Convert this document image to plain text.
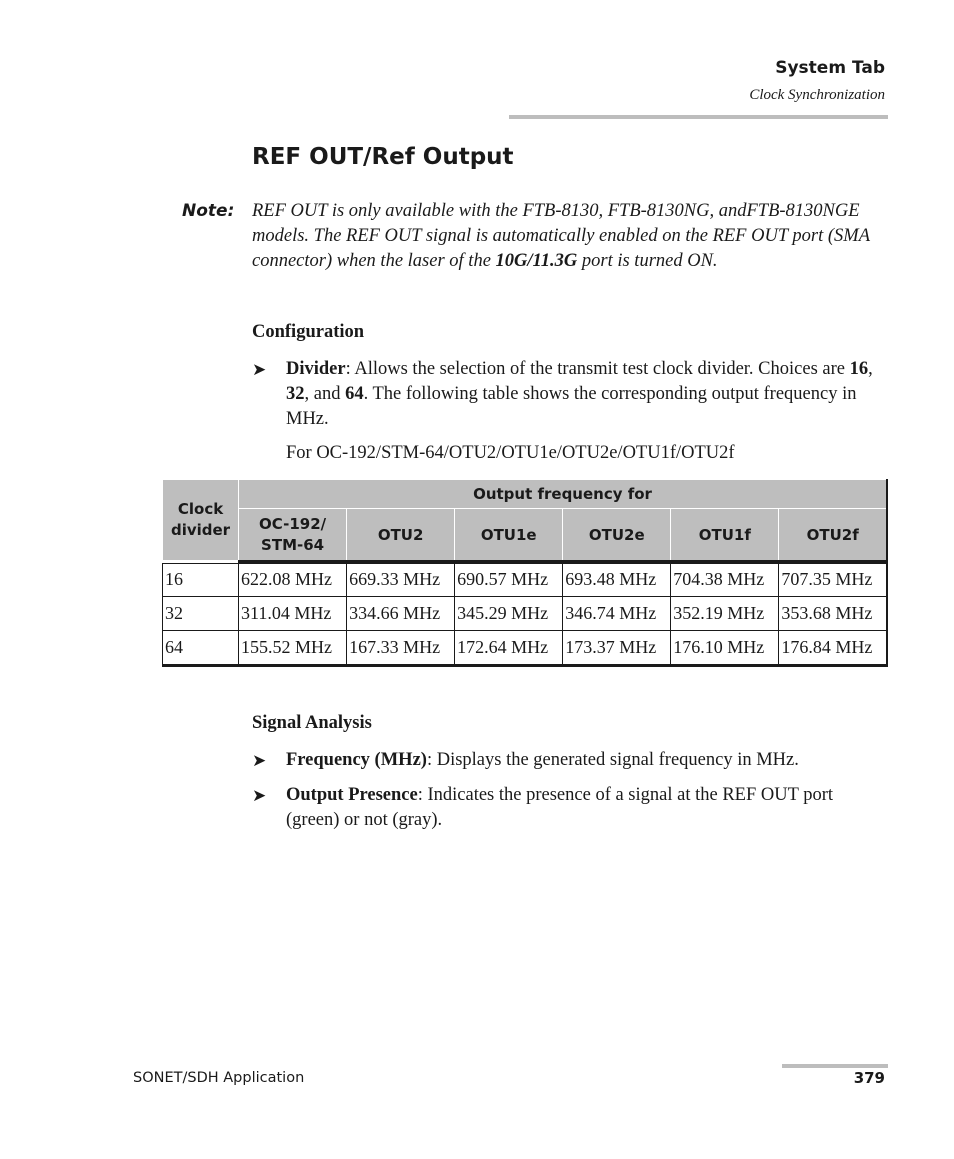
System Tab
Clock Synchronization
REF OUT/Ref Output
Note: REF OUT is only available with the FTB-8130, FTB-8130NG, andFTB-8130NGE models. The REF OUT signal is automatically enabled on the REF OUT port (SMA connector) when the laser of the 10G/11.3G port is turned ON.
Configuration
➤ Divider: Allows the selection of the transmit test clock divider. Choices are 16, 32, and 64. The following table shows the corresponding output frequency in MHz.
For OC-192/STM-64/OTU2/OTU1e/OTU2e/OTU1f/OTU2f
Clock divider	Output frequency for					
	OC-192/ STM-64	OTU2	OTU1e	OTU2e	OTU1f	OTU2f
16	622.08 MHz	669.33 MHz	690.57 MHz	693.48 MHz	704.38 MHz	707.35 MHz
32	311.04 MHz	334.66 MHz	345.29 MHz	346.74 MHz	352.19 MHz	353.68 MHz
64	155.52 MHz	167.33 MHz	172.64 MHz	173.37 MHz	176.10 MHz	176.84 MHz
Signal Analysis
➤ Frequency (MHz): Displays the generated signal frequency in MHz.
➤ Output Presence: Indicates the presence of a signal at the REF OUT port (green) or not (gray).
SONET/SDH Application	379
